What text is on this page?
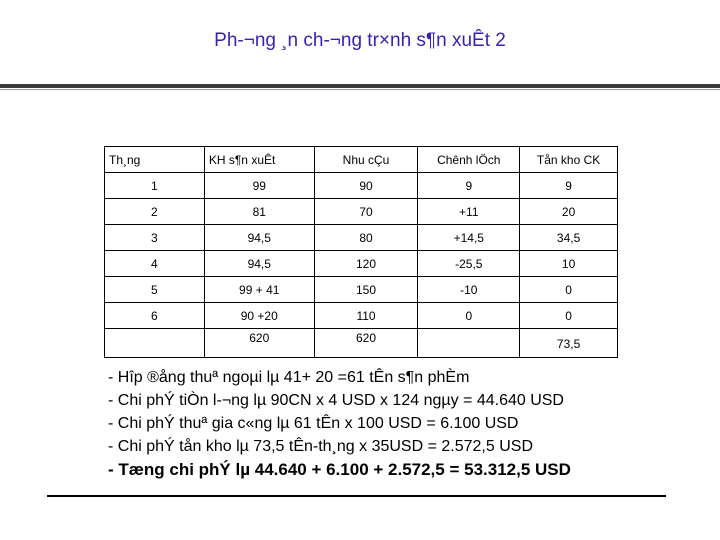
Ph-¬ng ¸n ch-¬ng tr×nh s¶n xuÊt 2
Th¸ng	KH s¶n xuÊt	Nhu cÇu	Chênh lÖch	Tån kho CK
1	99	90	9	9
2	81	70	+11	20
3	94,5	80	+14,5	34,5
4	94,5	120	-25,5	10
5	99 + 41	150	-10	0
6	90 +20	110	0	0
	620	620		73,5
- Hîp ®ång thuª ngoµi lµ 41+ 20 =61 tÊn s¶n phÈm
- Chi phÝ tiÒn l-¬ng lµ 90CN x 4 USD x 124 ngµy = 44.640 USD
- Chi phÝ thuª gia c«ng lµ 61 tÊn x 100 USD = 6.100 USD
- Chi phÝ tån kho lµ 73,5 tÊn-th¸ng x 35USD = 2.572,5 USD
- Tæng chi phÝ lµ 44.640 + 6.100 + 2.572,5 = 53.312,5 USD
